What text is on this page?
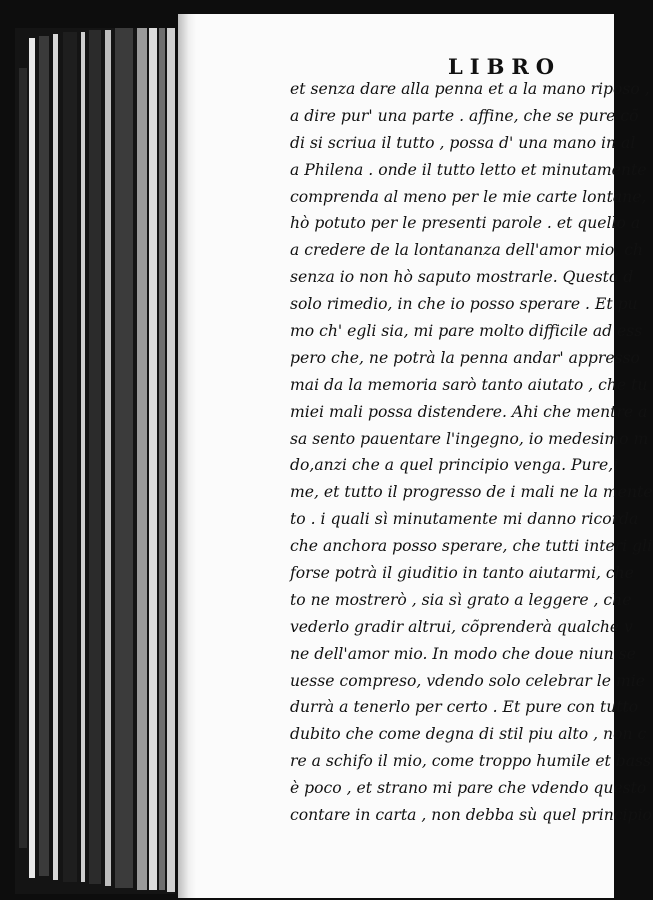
LIBRO

et senza dare alla penna et a la mano riposo ,

a dire pur' una parte . affine, che se pure cõ

di si scriua il tutto , possa d' una mano in al

a Philena . onde il tutto letto et minutamente

comprenda al meno per le mie carte lontane,

hò potuto per le presenti parole . et quello a

a credere de la lontananza dell'amor mio, ch

senza io non hò saputo mostrarle. Questo d

solo rimedio, in che io posso sperare . Et pu

mo ch' egli sia, mi pare molto difficile ad ess

pero che, ne potrà la penna andar' appresso

mai da la memoria sarò tanto aiutato , che tu

miei mali possa distendere. Ahi che mentre a

sa sento pauentare l'ingegno, io medesimo m

do,anzi che a quel principio venga. Pure,i

me, et tutto il progresso de i mali ne la mente

to . i quali sì minutamente mi danno ricorda

che anchora posso sperare, che tutti interi gli

forse potrà il giuditio in tanto aiutarmi, che

to ne mostrerò , sia sì grato a leggere , che

vederlo gradir altrui, cõprenderà qualche v

ne dell'amor mio. In modo che doue niun se

uesse compreso, vdendo solo celebrar le mie

durrà a tenerlo per certo . Et pure con tutto

dubito che come degna di stil piu alto , non c

re a schifo il mio, come troppo humile et bass

è poco , et strano mi pare che vdendo questo

contare in carta , non debba sù quel principio
